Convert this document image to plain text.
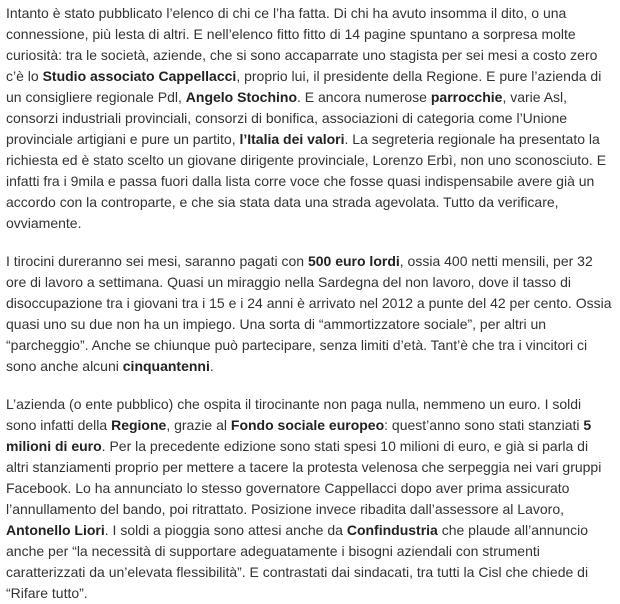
Intanto è stato pubblicato l’elenco di chi ce l’ha fatta. Di chi ha avuto insomma il dito, o una connessione, più lesta di altri. E nell’elenco fitto fitto di 14 pagine spuntano a sorpresa molte curiosità: tra le società, aziende, che si sono accaparrate uno stagista per sei mesi a costo zero c’è lo Studio associato Cappellacci, proprio lui, il presidente della Regione. E pure l’azienda di un consigliere regionale Pdl, Angelo Stochino. E ancora numerose parrocchie, varie Asl, consorzi industriali provinciali, consorzi di bonifica, associazioni di categoria come l’Unione provinciale artigiani e pure un partito, l’Italia dei valori. La segreteria regionale ha presentato la richiesta ed è stato scelto un giovane dirigente provinciale, Lorenzo Erbì, non uno sconosciuto. E infatti fra i 9mila e passa fuori dalla lista corre voce che fosse quasi indispensabile avere già un accordo con la controparte, e che sia stata data una strada agevolata. Tutto da verificare, ovviamente.

I tirocini dureranno sei mesi, saranno pagati con 500 euro lordi, ossia 400 netti mensili, per 32 ore di lavoro a settimana. Quasi un miraggio nella Sardegna del non lavoro, dove il tasso di disoccupazione tra i giovani tra i 15 e i 24 anni è arrivato nel 2012 a punte del 42 per cento. Ossia quasi uno su due non ha un impiego. Una sorta di “ammortizzatore sociale”, per altri un “parcheggio”. Anche se chiunque può partecipare, senza limiti d’età. Tant’è che tra i vincitori ci sono anche alcuni cinquantenni.

L’azienda (o ente pubblico) che ospita il tirocinante non paga nulla, nemmeno un euro. I soldi sono infatti della Regione, grazie al Fondo sociale europeo: quest’anno sono stati stanziati 5 milioni di euro. Per la precedente edizione sono stati spesi 10 milioni di euro, e già si parla di altri stanziamenti proprio per mettere a tacere la protesta velenosa che serpeggia nei vari gruppi Facebook. Lo ha annunciato lo stesso governatore Cappellacci dopo aver prima assicurato l’annullamento del bando, poi ritrattato. Posizione invece ribadita dall’assessore al Lavoro, Antonello Liori. I soldi a pioggia sono attesi anche da Confindustria che plaude all’annuncio anche per “la necessità di supportare adeguatamente i bisogni aziendali con strumenti caratterizzati da un’elevata flessibilità”. E contrastati dai sindacati, tra tutti la Cisl che chiede di “Rifare tutto”.
